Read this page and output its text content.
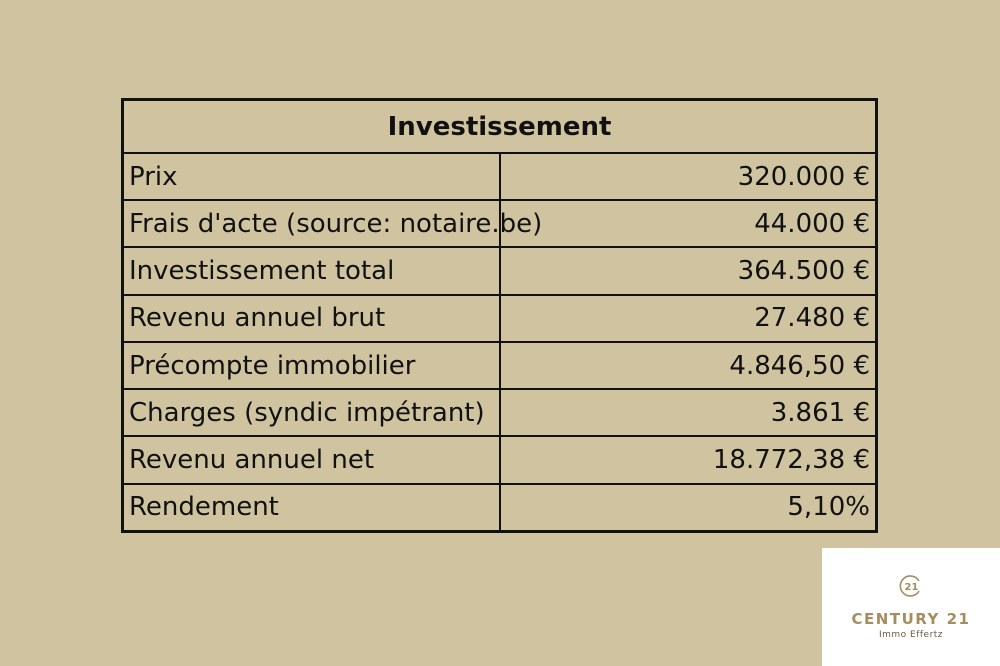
Investissement	
Prix	320.000 €
Frais d'acte (source: notaire.be)	44.000 €
Investissement total	364.500 €
Revenu annuel brut	27.480 €
Précompte immobilier	4.846,50 €
Charges (syndic impétrant)	3.861 €
Revenu annuel net	18.772,38 €
Rendement	5,10%
21
CENTURY 21
Immo Effertz
